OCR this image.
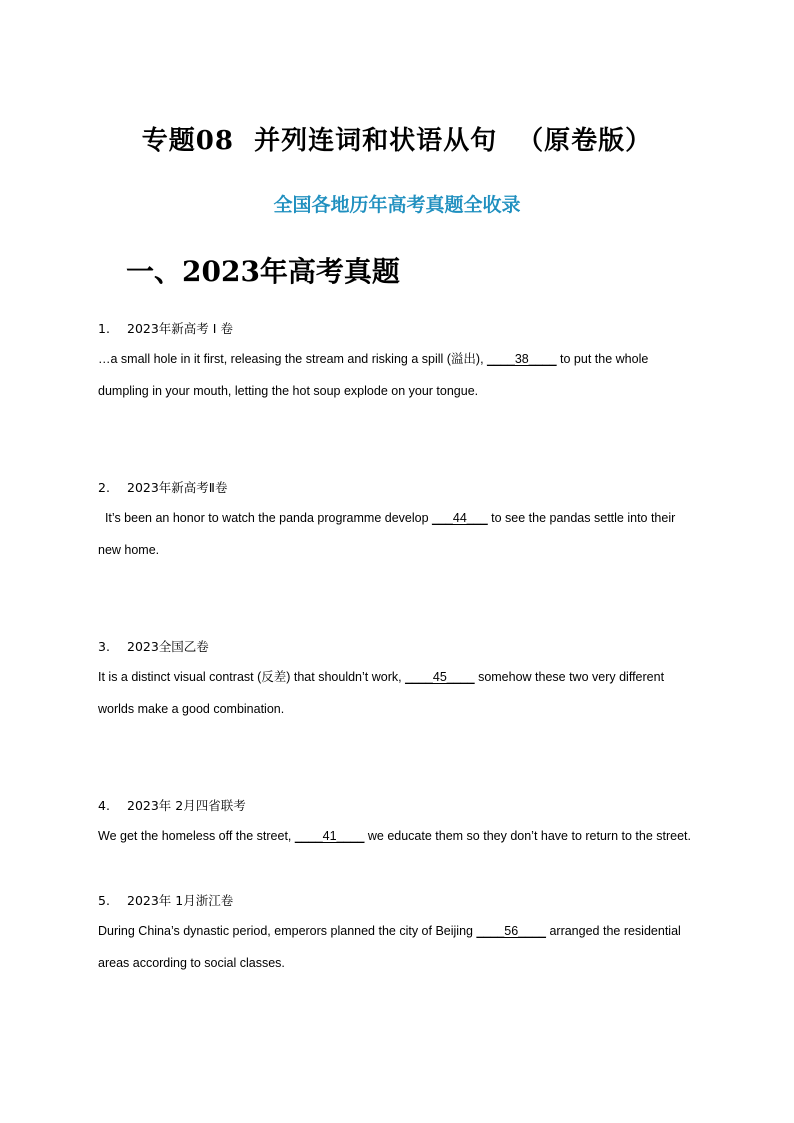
专题08  并列连词和状语从句  （原卷版）
全国各地历年高考真题全收录
一、2023年高考真题
1. 2023年新高考 I 卷
…a small hole in it first, releasing the stream and risking a spill (溢出), ____38____ to put the whole dumpling in your mouth, letting the hot soup explode on your tongue.
2. 2023年新高考Ⅱ卷
It’s been an honor to watch the panda programme develop ___44___ to see the pandas settle into their new home.
3. 2023全国乙卷
It is a distinct visual contrast (反差) that shouldn’t work, ____45____ somehow these two very different worlds make a good combination.
4. 2023年 2月四省联考
We get the homeless off the street, ____41____ we educate them so they don’t have to return to the street.
5. 2023年 1月浙江卷
During China’s dynastic period, emperors planned the city of Beijing ____56____ arranged the residential areas according to social classes.
